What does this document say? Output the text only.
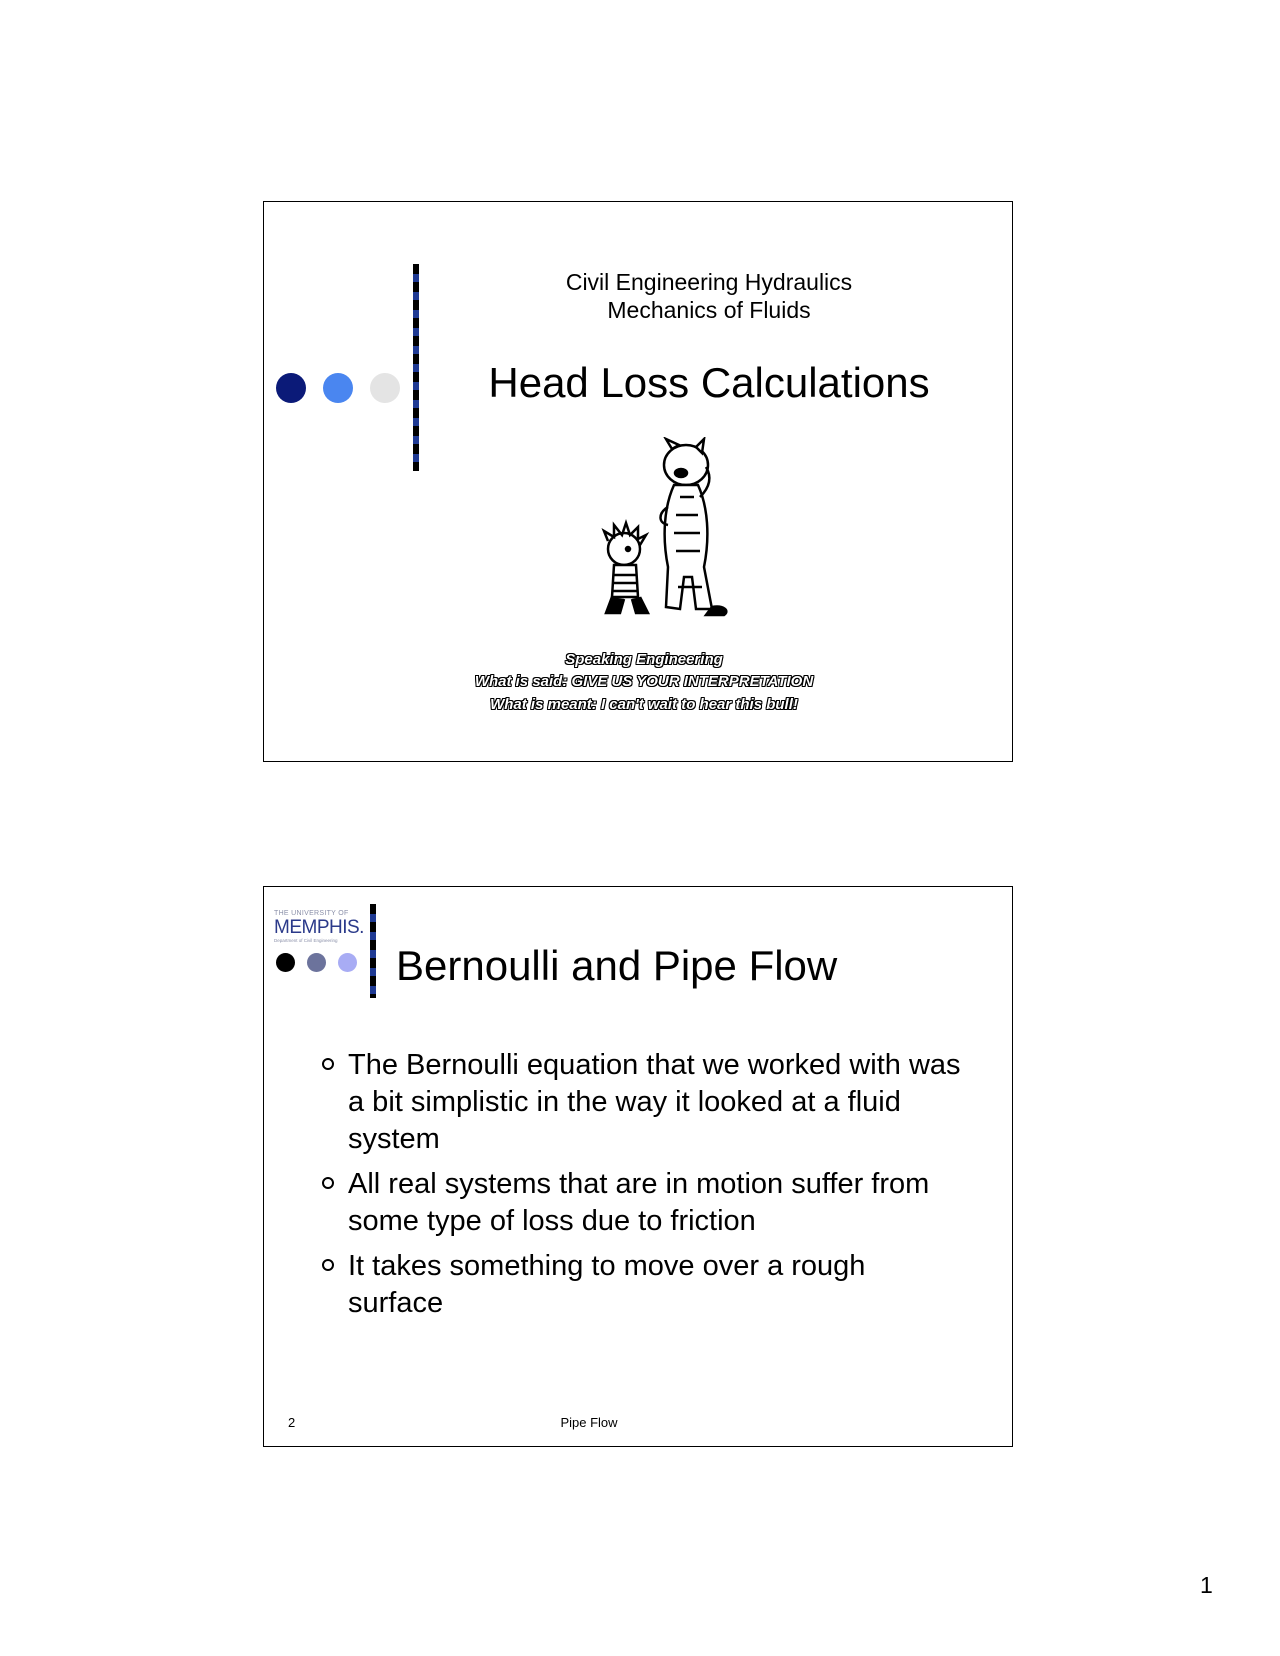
Civil Engineering Hydraulics
Mechanics of Fluids
Head Loss Calculations
Speaking Engineering
What is said: GIVE US YOUR INTERPRETATION
What is meant: I can't wait to hear this bull!
THE UNIVERSITY OF
MEMPHIS.
Department of Civil Engineering
Bernoulli and Pipe Flow
The Bernoulli equation that we worked with was a bit simplistic in the way it looked at a fluid system
All real systems that are in motion suffer from some type of loss due to friction
It takes something to move over a rough surface
2	Pipe Flow
1
